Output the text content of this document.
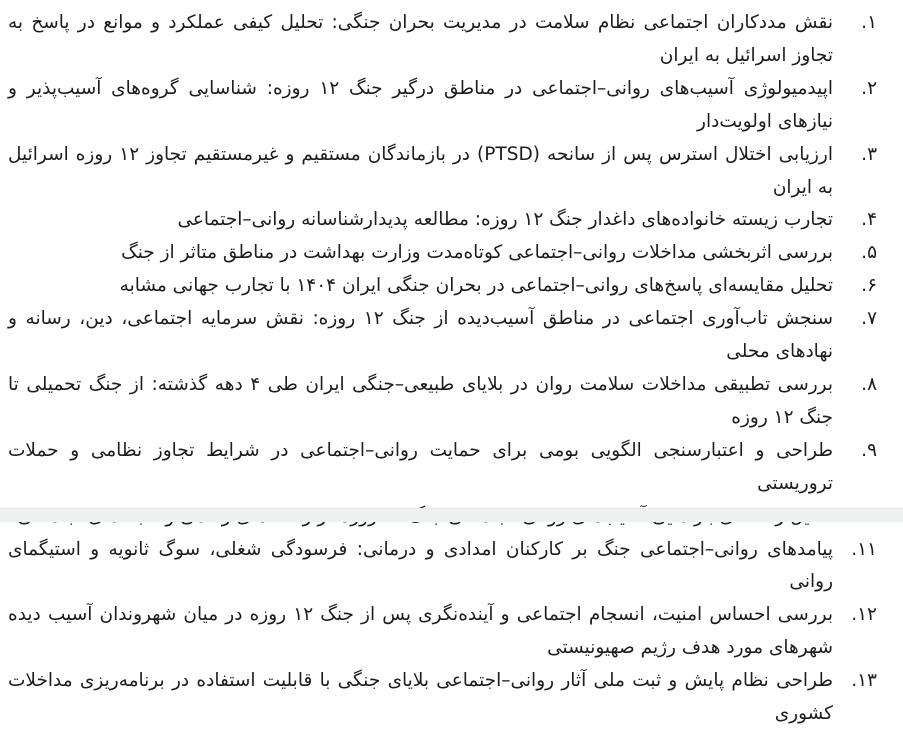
۱.
نقش مددکاران اجتماعی نظام سلامت در مدیریت بحران جنگی: تحلیل کیفی عملکرد و موانع در پاسخ به تجاوز اسرائیل به ایران
۲.
اپیدمیولوژی آسیب‌های روانی–اجتماعی در مناطق درگیر جنگ ۱۲ روزه: شناسایی گروه‌های آسیب‌پذیر و نیازهای اولویت‌دار
۳.
ارزیابی اختلال استرس پس از سانحه (PTSD) در بازماندگان مستقیم و غیرمستقیم تجاوز ۱۲ روزه اسرائیل به ایران
۴.
تجارب زیسته خانواده‌های داغدار جنگ ۱۲ روزه: مطالعه پدیدارشناسانه روانی–اجتماعی
۵.
بررسی اثربخشی مداخلات روانی–اجتماعی کوتاه‌مدت وزارت بهداشت در مناطق متاثر از جنگ
۶.
تحلیل مقایسه‌ای پاسخ‌های روانی–اجتماعی در بحران جنگی ایران ۱۴۰۴ با تجارب جهانی مشابه
۷.
سنجش تاب‌آوری اجتماعی در مناطق آسیب‌دیده از جنگ ۱۲ روزه: نقش سرمایه اجتماعی، دین، رسانه و نهادهای محلی
۸.
بررسی تطبیقی مداخلات سلامت روان در بلایای طبیعی–جنگی ایران طی ۴ دهه گذشته: از جنگ تحمیلی تا جنگ ۱۲ روزه
۹.
طراحی و اعتبارسنجی الگویی بومی برای حمایت روانی–اجتماعی در شرایط تجاوز نظامی و حملات تروریستی
۱۱.
پیامدهای روانی–اجتماعی جنگ بر کارکنان امدادی و درمانی: فرسودگی شغلی، سوگ ثانویه و استیگمای روانی
۱۲.
بررسی احساس امنیت، انسجام اجتماعی و آینده‌نگری پس از جنگ ۱۲ روزه در میان شهروندان آسیب دیده شهرهای مورد هدف رژیم صهیونیستی
۱۳.
طراحی نظام پایش و ثبت ملی آثار روانی–اجتماعی بلایای جنگی با قابلیت استفاده در برنامه‌ریزی مداخلات کشوری
